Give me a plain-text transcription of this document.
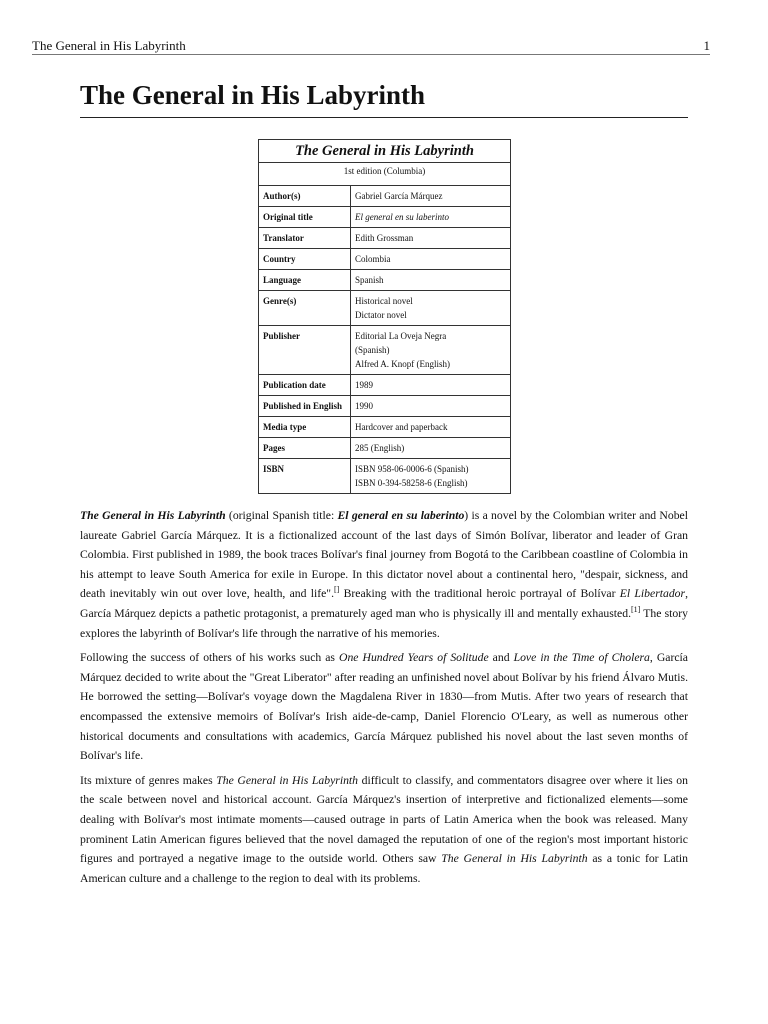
The General in His Labyrinth	1
The General in His Labyrinth
The General in His Labyrinth
1st edition (Columbia)
Author(s)	Gabriel García Márquez
Original title	El general en su laberinto
Translator	Edith Grossman
Country	Colombia
Language	Spanish
Genre(s)	Historical novel
Dictator novel
Publisher	Editorial La Oveja Negra
(Spanish)
Alfred A. Knopf (English)
Publication date	1989
Published in English	1990
Media type	Hardcover and paperback
Pages	285 (English)
ISBN	ISBN 958-06-0006-6 (Spanish)
ISBN 0-394-58258-6 (English)

The General in His Labyrinth (original Spanish title: El general en su laberinto) is a novel by the Colombian writer and Nobel laureate Gabriel García Márquez. It is a fictionalized account of the last days of Simón Bolívar, liberator and leader of Gran Colombia. First published in 1989, the book traces Bolívar's final journey from Bogotá to the Caribbean coastline of Colombia in his attempt to leave South America for exile in Europe. In this dictator novel about a continental hero, "despair, sickness, and death inevitably win out over love, health, and life".[] Breaking with the traditional heroic portrayal of Bolívar El Libertador, García Márquez depicts a pathetic protagonist, a prematurely aged man who is physically ill and mentally exhausted.[1] The story explores the labyrinth of Bolívar's life through the narrative of his memories.

Following the success of others of his works such as One Hundred Years of Solitude and Love in the Time of Cholera, García Márquez decided to write about the "Great Liberator" after reading an unfinished novel about Bolívar by his friend Álvaro Mutis. He borrowed the setting―Bolívar's voyage down the Magdalena River in 1830―from Mutis. After two years of research that encompassed the extensive memoirs of Bolívar's Irish aide-de-camp, Daniel Florencio O'Leary, as well as numerous other historical documents and consultations with academics, García Márquez published his novel about the last seven months of Bolívar's life.

Its mixture of genres makes The General in His Labyrinth difficult to classify, and commentators disagree over where it lies on the scale between novel and historical account. García Márquez's insertion of interpretive and fictionalized elements―some dealing with Bolívar's most intimate moments―caused outrage in parts of Latin America when the book was released. Many prominent Latin American figures believed that the novel damaged the reputation of one of the region's most important historic figures and portrayed a negative image to the outside world. Others saw The General in His Labyrinth as a tonic for Latin American culture and a challenge to the region to deal with its problems.
